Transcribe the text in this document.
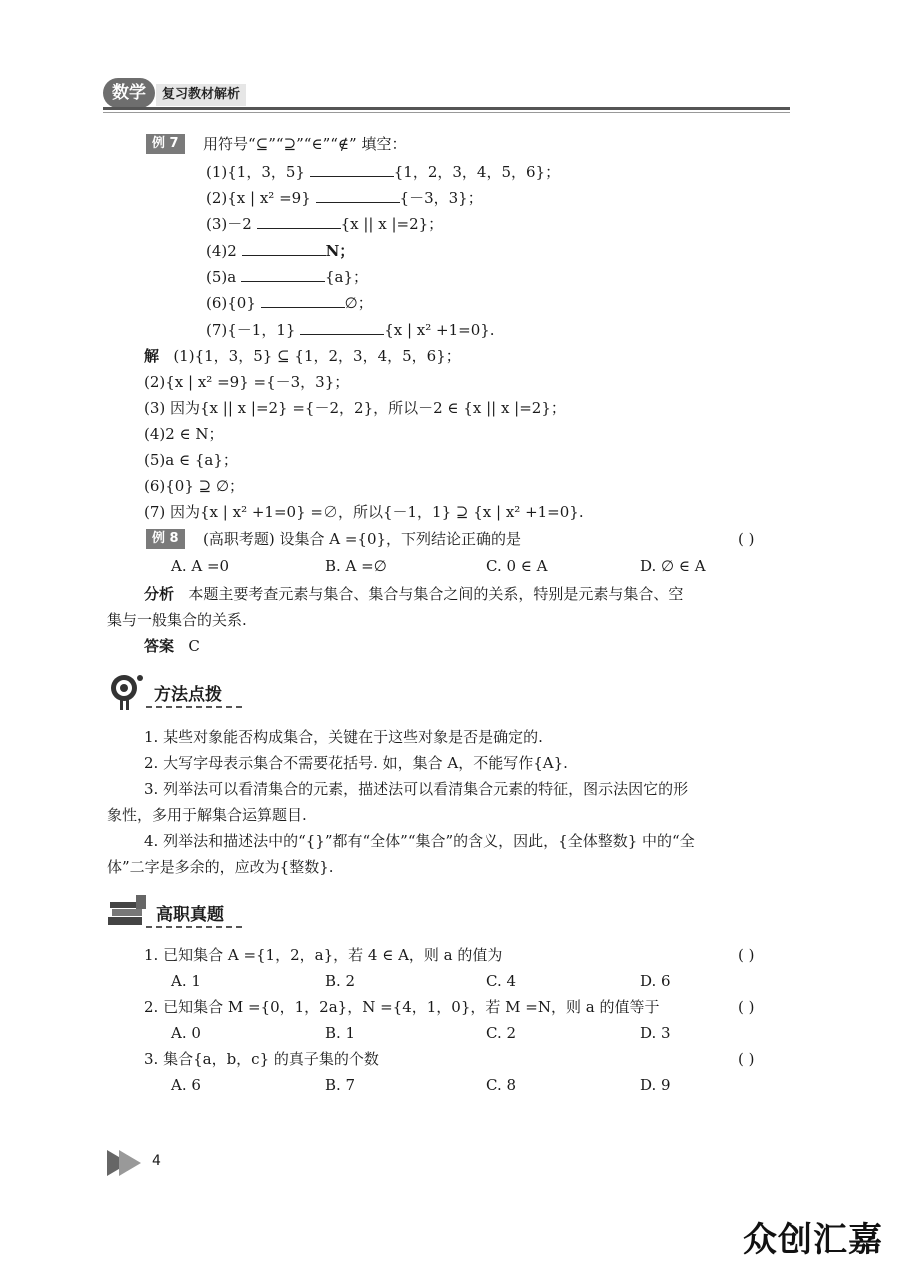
数学	复习教材解析
例 7	用符号“⊆”“⊇”“∈”“∉” 填空：
(1){1，3，5}	{1，2，3，4，5，6}；
(2){x | x² =9}	{－3，3}；
(3)－2	{x || x |=2}；
(4)2	N；
(5)a	{a}；
(6){0}	∅；
(7){－1，1}	{x | x² +1=0}.
解 (1){1，3，5} ⊆ {1，2，3，4，5，6}；
(2){x | x² =9} ={－3，3}；
(3) 因为{x || x |=2} ={－2，2}，所以－2 ∈ {x || x |=2}；
(4)2 ∈ N；
(5)a ∈ {a}；
(6){0} ⊇ ∅；
(7) 因为{x | x² +1=0} =∅，所以{－1，1} ⊇ {x | x² +1=0}.
例 8	(高职考题) 设集合 A ={0}，下列结论正确的是	( )
A. A =0	B. A =∅	C. 0 ∈ A	D. ∅ ∈ A
分析 本题主要考查元素与集合、集合与集合之间的关系，特别是元素与集合、空
集与一般集合的关系.
答案 C
方法点拨
1. 某些对象能否构成集合，关键在于这些对象是否是确定的.
2. 大写字母表示集合不需要花括号. 如，集合 A，不能写作{A}.
3. 列举法可以看清集合的元素，描述法可以看清集合元素的特征，图示法因它的形
象性，多用于解集合运算题目.
4. 列举法和描述法中的“{}”都有“全体”“集合”的含义，因此，{全体整数} 中的“全
体”二字是多余的，应改为{整数}.
高职真题
1. 已知集合 A ={1，2，a}，若 4 ∈ A，则 a 的值为	( )
A. 1	B. 2	C. 4	D. 6
2. 已知集合 M ={0，1，2a}，N ={4，1，0}，若 M =N，则 a 的值等于	( )
A. 0	B. 1	C. 2	D. 3
3. 集合{a，b，c} 的真子集的个数	( )
A. 6	B. 7	C. 8	D. 9
4
众创汇嘉
